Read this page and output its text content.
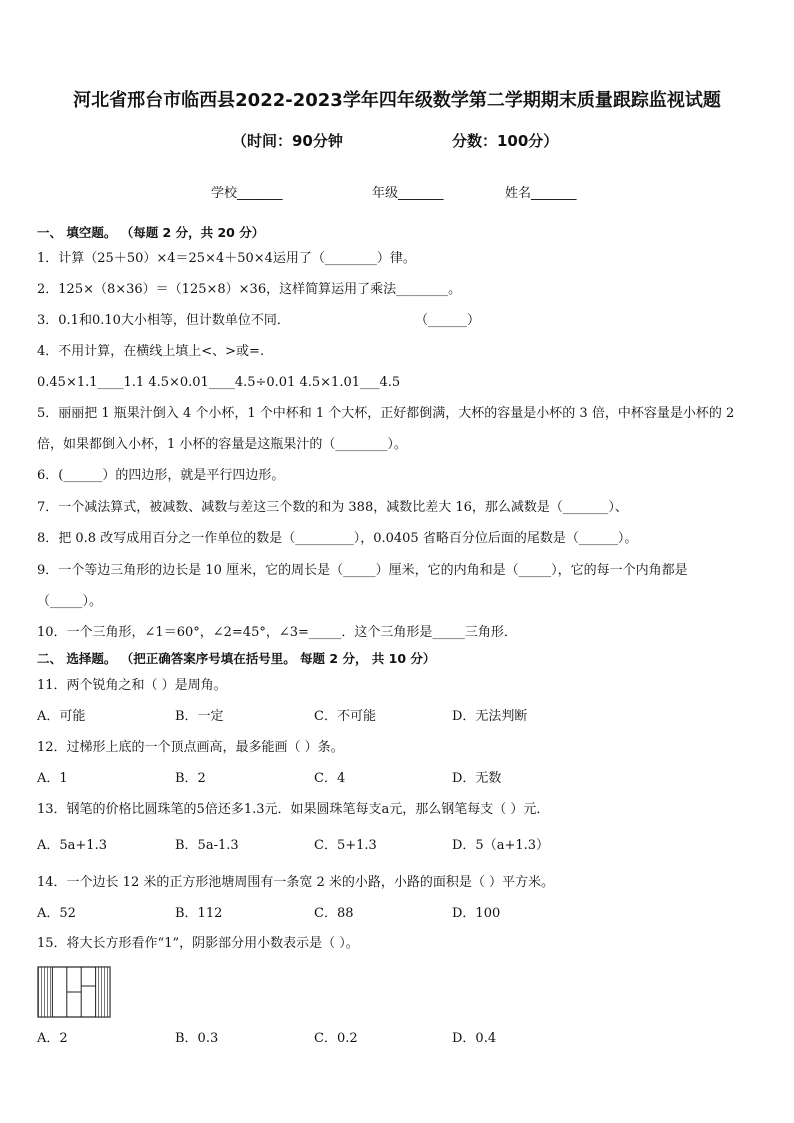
河北省邢台市临西县2022-2023学年四年级数学第二学期期末质量跟踪监视试题
（时间：90分钟	分数：100分）
学校_______	年级_______	姓名_______
一、 填空题。 （每题 2 分，共 20 分）
1．计算（25＋50）×4＝25×4＋50×4运用了（________）律。
2．125×（8×36）＝（125×8）×36，这样简算运用了乘法________。
3．0.1和0.10大小相等，但计数单位不同．	（______）
4．不用计算，在横线上填上<、>或=.
0.45×1.1____1.1 4.5×0.01____4.5÷0.01 4.5×1.01___4.5
5．丽丽把 1 瓶果汁倒入 4 个小杯，1 个中杯和 1 个大杯，正好都倒满，大杯的容量是小杯的 3 倍，中杯容量是小杯的 2
倍，如果都倒入小杯，1 小杯的容量是这瓶果汁的（________）。
6．(______）的四边形，就是平行四边形。
7．一个减法算式，被减数、减数与差这三个数的和为 388，减数比差大 16，那么减数是（_______）、
8．把 0.8 改写成用百分之一作单位的数是（_________），0.0405 省略百分位后面的尾数是（______）。
9．一个等边三角形的边长是 10 厘米，它的周长是（_____）厘米，它的内角和是（_____），它的每一个内角都是
（_____）。
10．一个三角形，∠1＝60°，∠2=45°，∠3=_____．这个三角形是_____三角形．
二、 选择题。 （把正确答案序号填在括号里。 每题 2 分， 共 10 分）
11．两个锐角之和（ ）是周角。
A．可能	B．一定	C．不可能	D．无法判断
12．过梯形上底的一个顶点画高，最多能画（ ）条。
A．1	B．2	C．4	D．无数
13．钢笔的价格比圆珠笔的5倍还多1.3元．如果圆珠笔每支a元，那么钢笔每支（ ）元．
A．5a+1.3	B．5a-1.3	C．5+1.3	D．5（a+1.3）
14．一个边长 12 米的正方形池塘周围有一条宽 2 米的小路，小路的面积是（ ）平方米。
A．52	B．112	C．88	D．100
15．将大长方形看作“1”，阴影部分用小数表示是（ ）。
A．2	B．0.3	C．0.2	D．0.4
